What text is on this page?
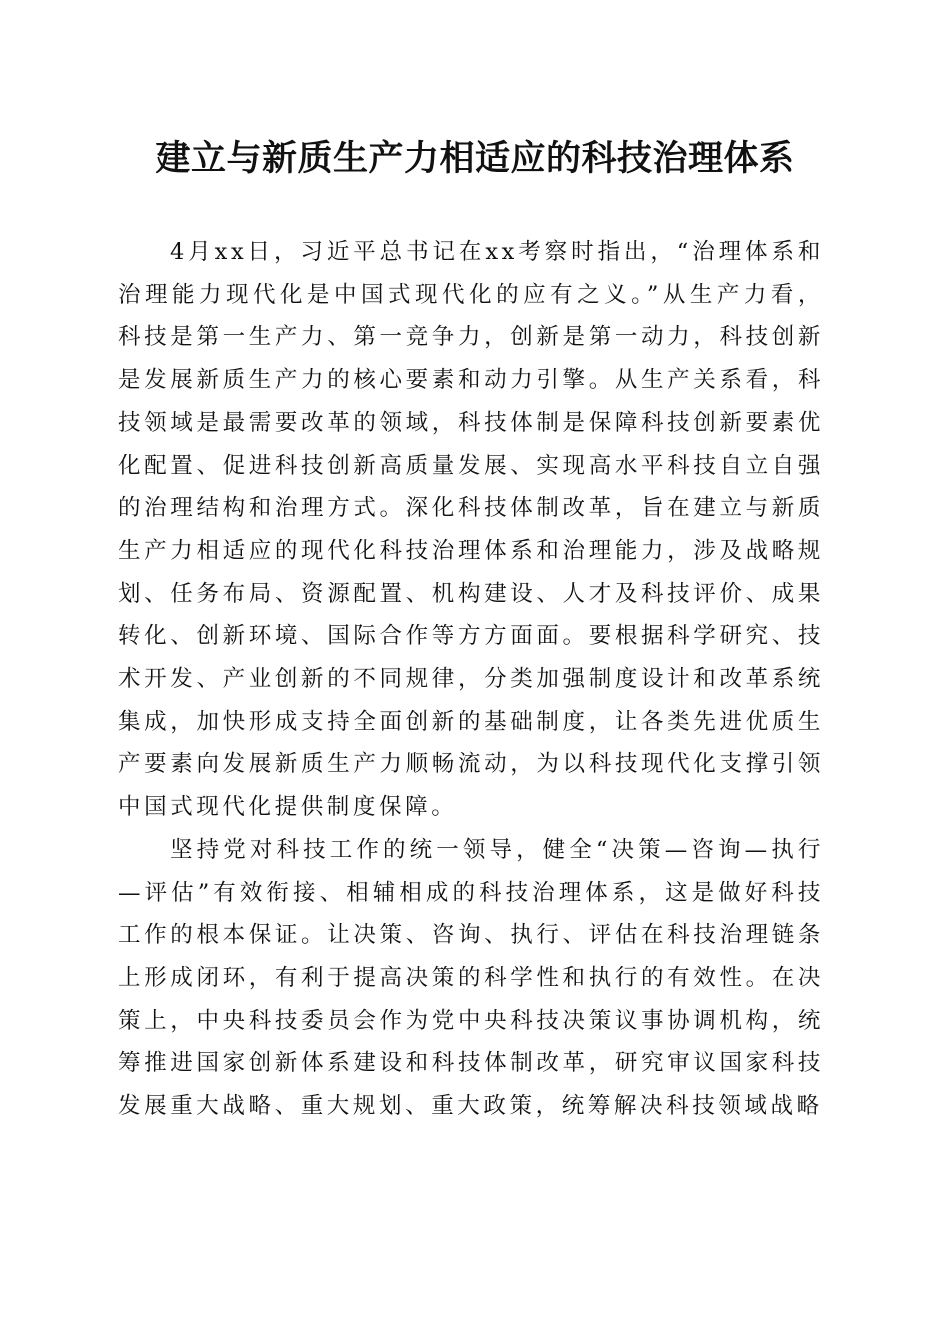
建立与新质生产力相适应的科技治理体系

4月xx日，习近平总书记在xx考察时指出，“治理体系和治理能力现代化是中国式现代化的应有之义。”从生产力看，科技是第一生产力、第一竞争力，创新是第一动力，科技创新是发展新质生产力的核心要素和动力引擎。从生产关系看，科技领域是最需要改革的领域，科技体制是保障科技创新要素优化配置、促进科技创新高质量发展、实现高水平科技自立自强的治理结构和治理方式。深化科技体制改革，旨在建立与新质生产力相适应的现代化科技治理体系和治理能力，涉及战略规划、任务布局、资源配置、机构建设、人才及科技评价、成果转化、创新环境、国际合作等方方面面。要根据科学研究、技术开发、产业创新的不同规律，分类加强制度设计和改革系统集成，加快形成支持全面创新的基础制度，让各类先进优质生产要素向发展新质生产力顺畅流动，为以科技现代化支撑引领中国式现代化提供制度保障。

坚持党对科技工作的统一领导，健全“决策—咨询—执行—评估”有效衔接、相辅相成的科技治理体系，这是做好科技工作的根本保证。让决策、咨询、执行、评估在科技治理链条上形成闭环，有利于提高决策的科学性和执行的有效性。在决策上，中央科技委员会作为党中央科技决策议事协调机构，统筹推进国家创新体系建设和科技体制改革，研究审议国家科技发展重大战略、重大规划、重大政策，统筹解决科技领域战略
